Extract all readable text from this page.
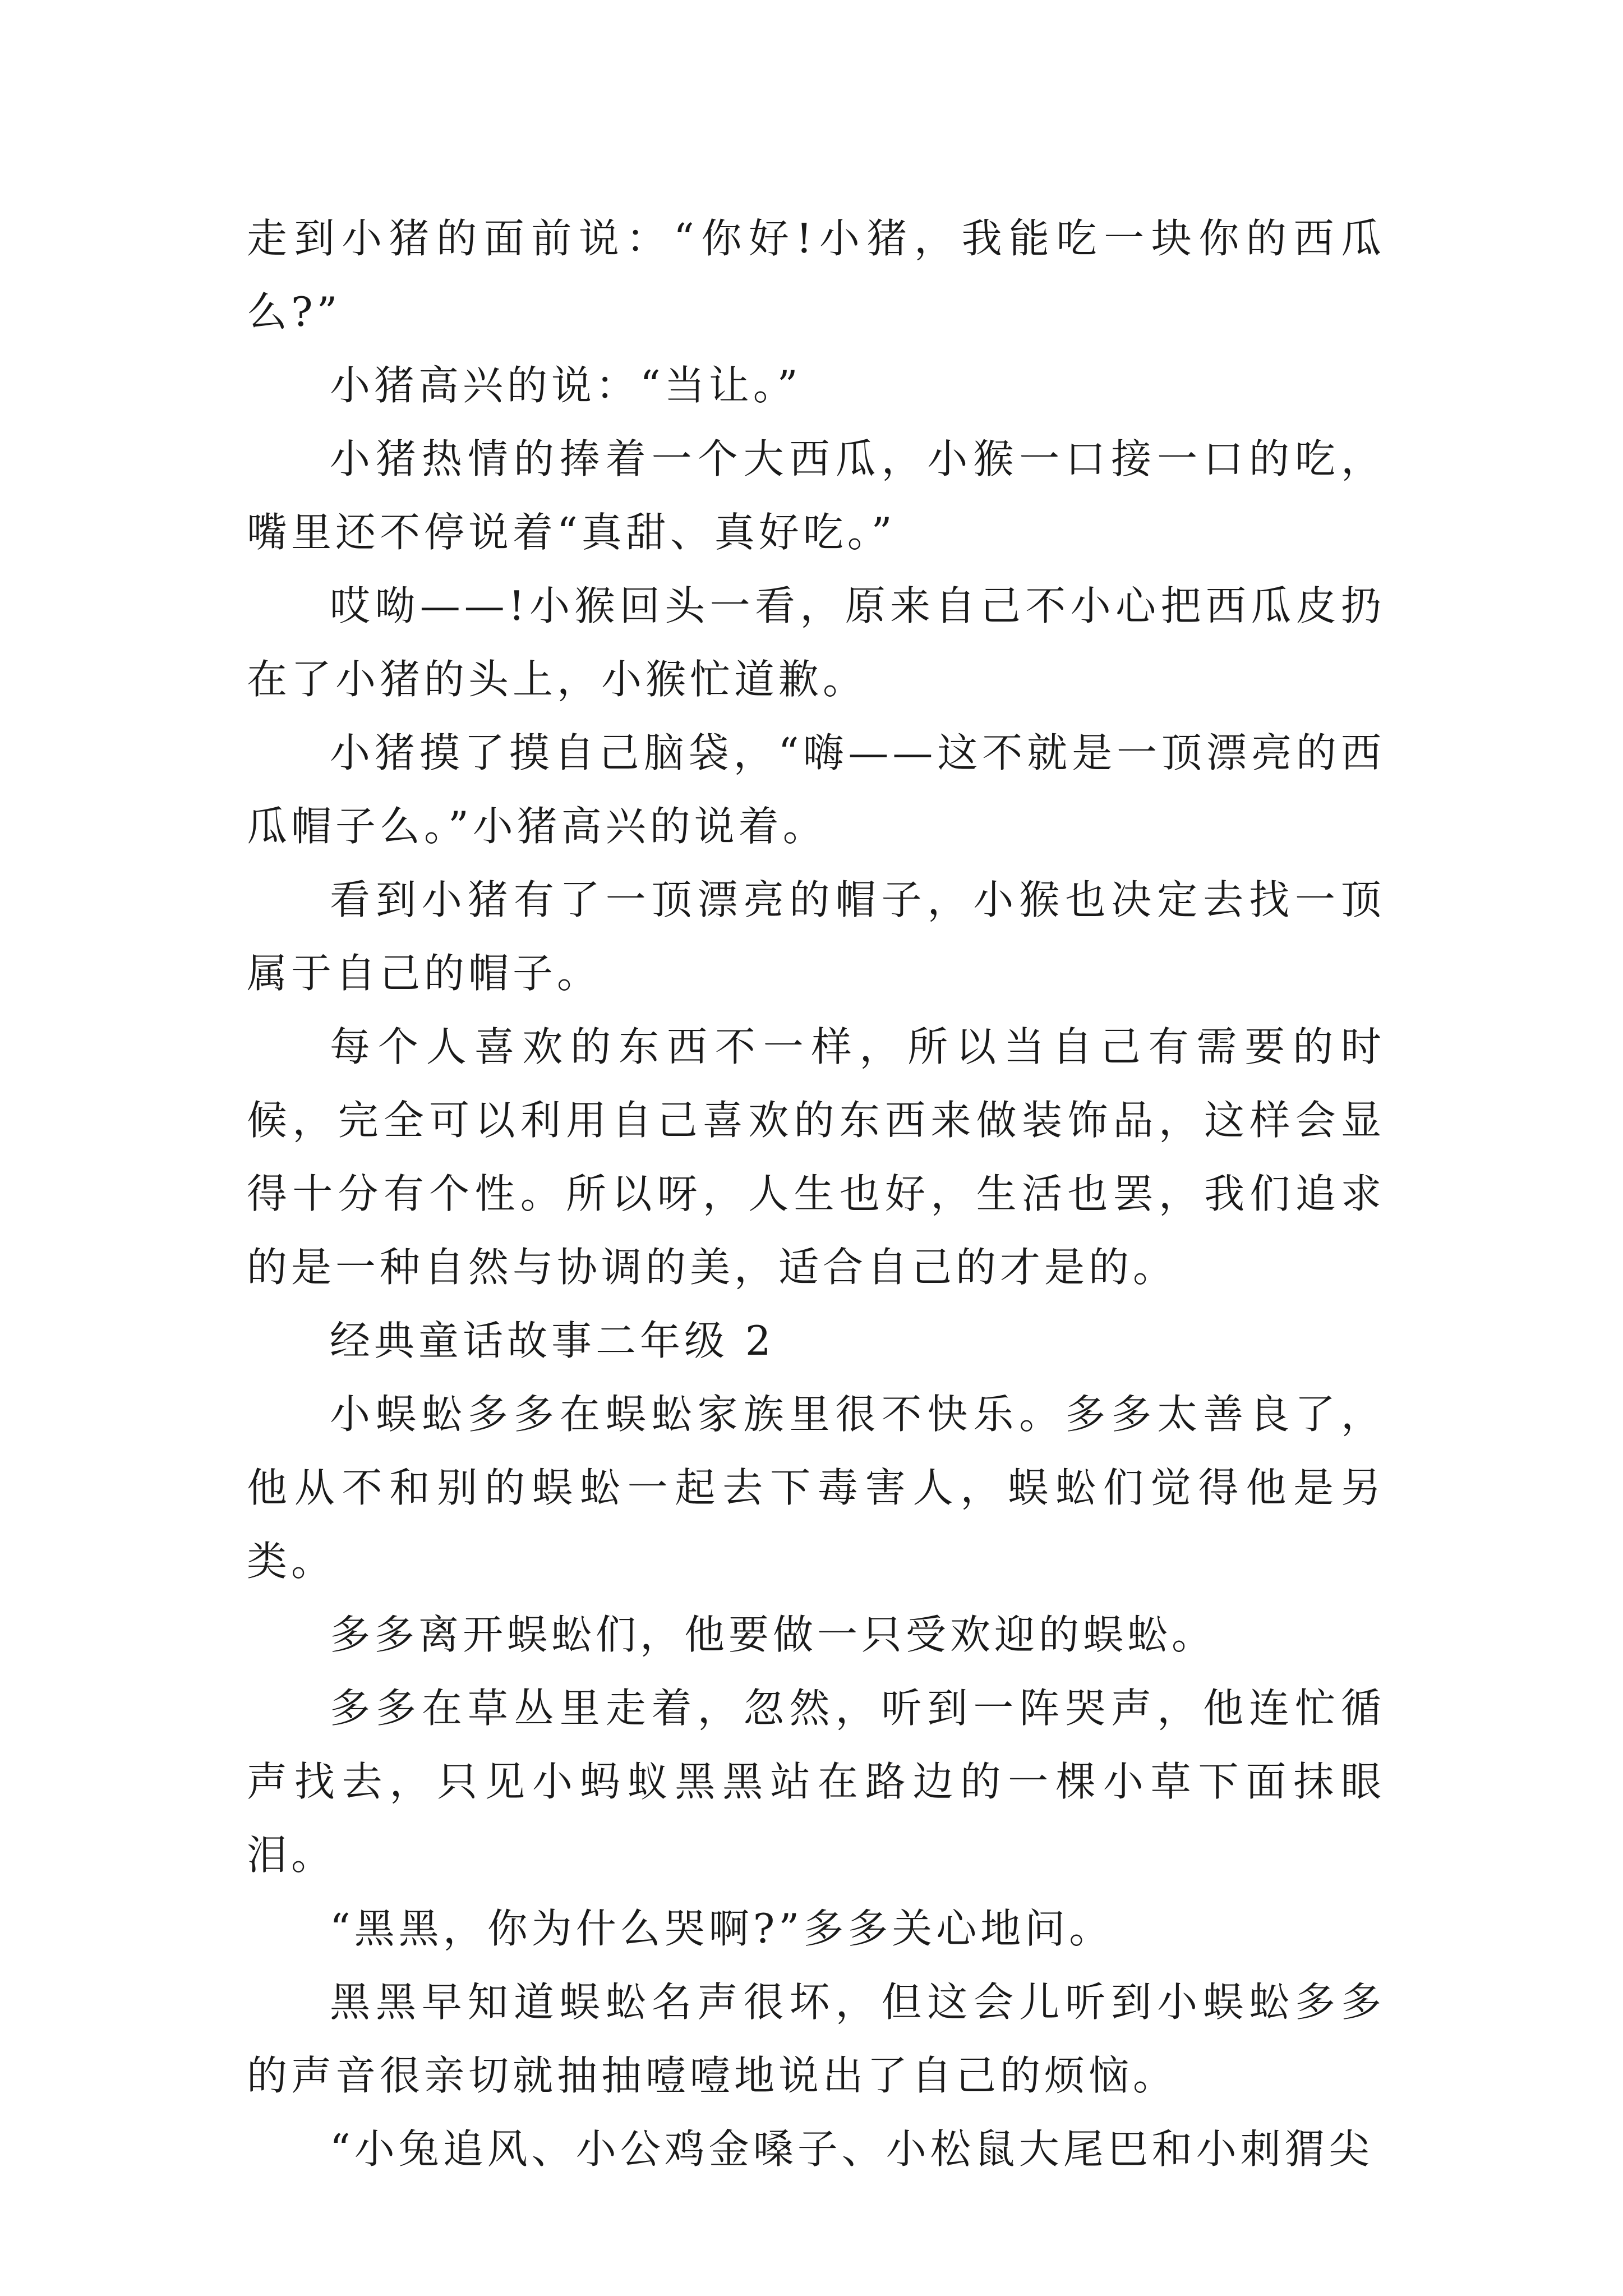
走到小猪的面前说：“你好!小猪，我能吃一块你的西瓜么?”

小猪高兴的说：“当让。”

小猪热情的捧着一个大西瓜，小猴一口接一口的吃，嘴里还不停说着“真甜、真好吃。”

哎呦——!小猴回头一看，原来自己不小心把西瓜皮扔在了小猪的头上，小猴忙道歉。

小猪摸了摸自己脑袋，“嗨——这不就是一顶漂亮的西瓜帽子么。”小猪高兴的说着。

看到小猪有了一顶漂亮的帽子，小猴也决定去找一顶属于自己的帽子。

每个人喜欢的东西不一样，所以当自己有需要的时候，完全可以利用自己喜欢的东西来做装饰品，这样会显得十分有个性。所以呀，人生也好，生活也罢，我们追求的是一种自然与协调的美，适合自己的才是的。

经典童话故事二年级 2

小蜈蚣多多在蜈蚣家族里很不快乐。多多太善良了，他从不和别的蜈蚣一起去下毒害人，蜈蚣们觉得他是另类。

多多离开蜈蚣们，他要做一只受欢迎的蜈蚣。

多多在草丛里走着，忽然，听到一阵哭声，他连忙循声找去，只见小蚂蚁黑黑站在路边的一棵小草下面抹眼泪。

“黑黑，你为什么哭啊?”多多关心地问。

黑黑早知道蜈蚣名声很坏，但这会儿听到小蜈蚣多多的声音很亲切就抽抽噎噎地说出了自己的烦恼。

“小兔追风、小公鸡金嗓子、小松鼠大尾巴和小刺猬尖
